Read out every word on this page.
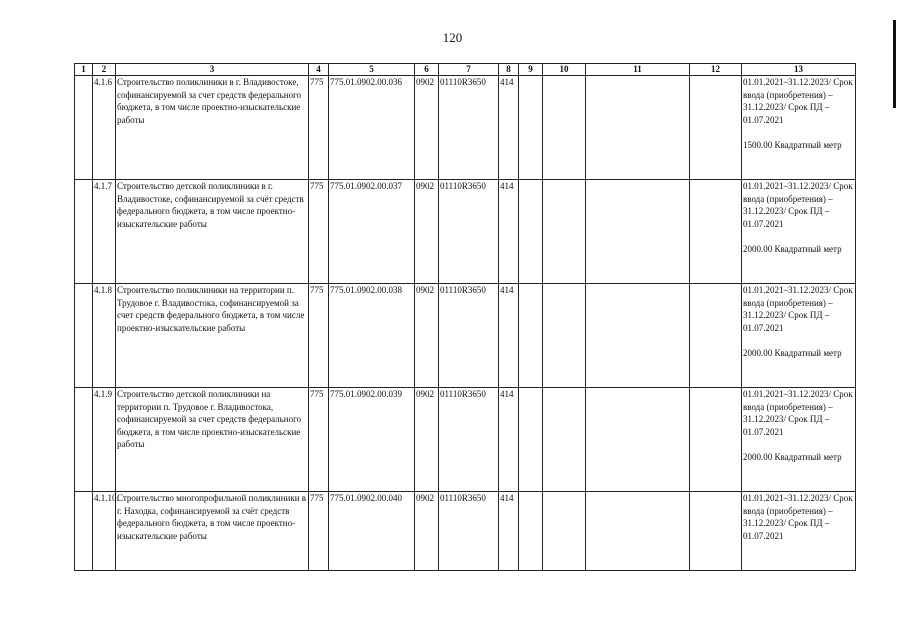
120
1	2	3	4	5	6	7	8	9	10	11	12	13
	4.1.6	Строительство поликлиники в г. Владивостоке, софинансируемой за счет средств федерального бюджета, в том числе проектно-изыскательские работы	775	775.01.0902.00.036	0902	01110R3650	414					01.01.2021–31.12.2023/ Срок ввода (приобретения) – 31.12.2023/ Срок ПД – 01.07.2021

1500.00 Квадратный метр
	4.1.7	Строительство детской поликлиники в г. Владивостоке, софинансируемой за счёт средств федерального бюджета, в том числе проектно-изыскательские работы	775	775.01.0902.00.037	0902	01110R3650	414					01.01.2021–31.12.2023/ Срок ввода (приобретения) – 31.12.2023/ Срок ПД – 01.07.2021

2000.00 Квадратный метр
	4.1.8	Строительство поликлиники на территории п. Трудовое г. Владивостока, софинансируемой за счет средств федерального бюджета, в том числе проектно-изыскательские работы	775	775.01.0902.00.038	0902	01110R3650	414					01.01.2021–31.12.2023/ Срок ввода (приобретения) – 31.12.2023/ Срок ПД – 01.07.2021

2000.00 Квадратный метр
	4.1.9	Строительство детской поликлиники на территории п. Трудовое г. Владивостока, софинансируемой за счет средств федерального бюджета, в том числе проектно-изыскательские работы	775	775.01.0902.00.039	0902	01110R3650	414					01.01.2021–31.12.2023/ Срок ввода (приобретения) – 31.12.2023/ Срок ПД – 01.07.2021

2000.00 Квадратный метр
	4.1.10.	Строительство многопрофильной поликлиники в г. Находка, софинансируемой за счёт средств федерального бюджета, в том числе проектно-изыскательские работы	775	775.01.0902.00.040	0902	01110R3650	414					01.01.2021–31.12.2023/ Срок ввода (приобретения) – 31.12.2023/ Срок ПД – 01.07.2021
